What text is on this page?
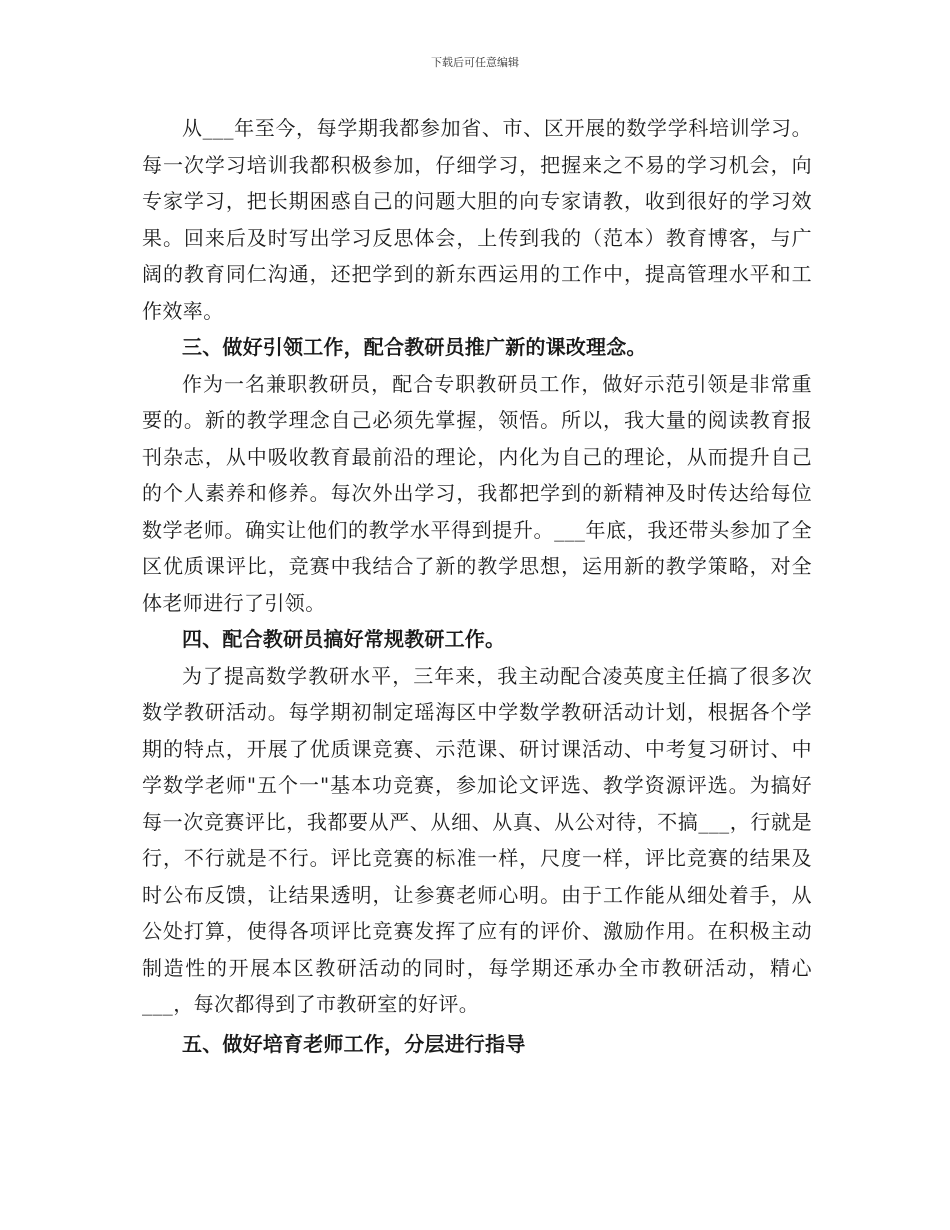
下载后可任意编辑

从___年至今，每学期我都参加省、市、区开展的数学学科培训学习。每一次学习培训我都积极参加，仔细学习，把握来之不易的学习机会，向专家学习，把长期困惑自己的问题大胆的向专家请教，收到很好的学习效果。回来后及时写出学习反思体会，上传到我的（范本）教育博客，与广阔的教育同仁沟通，还把学到的新东西运用的工作中，提高管理水平和工作效率。

三、做好引领工作，配合教研员推广新的课改理念。

作为一名兼职教研员，配合专职教研员工作，做好示范引领是非常重要的。新的教学理念自己必须先掌握，领悟。所以，我大量的阅读教育报刊杂志，从中吸收教育最前沿的理论，内化为自己的理论，从而提升自己的个人素养和修养。每次外出学习，我都把学到的新精神及时传达给每位数学老师。确实让他们的教学水平得到提升。___年底，我还带头参加了全区优质课评比，竞赛中我结合了新的教学思想，运用新的教学策略，对全体老师进行了引领。

四、配合教研员搞好常规教研工作。

为了提高数学教研水平，三年来，我主动配合凌英度主任搞了很多次数学教研活动。每学期初制定瑶海区中学数学教研活动计划，根据各个学期的特点，开展了优质课竞赛、示范课、研讨课活动、中考复习研讨、中学数学老师"五个一"基本功竞赛，参加论文评选、教学资源评选。为搞好每一次竞赛评比，我都要从严、从细、从真、从公对待，不搞___，行就是行，不行就是不行。评比竞赛的标准一样，尺度一样，评比竞赛的结果及时公布反馈，让结果透明，让参赛老师心明。由于工作能从细处着手，从公处打算，使得各项评比竞赛发挥了应有的评价、激励作用。在积极主动制造性的开展本区教研活动的同时，每学期还承办全市教研活动，精心___，每次都得到了市教研室的好评。

五、做好培育老师工作，分层进行指导
